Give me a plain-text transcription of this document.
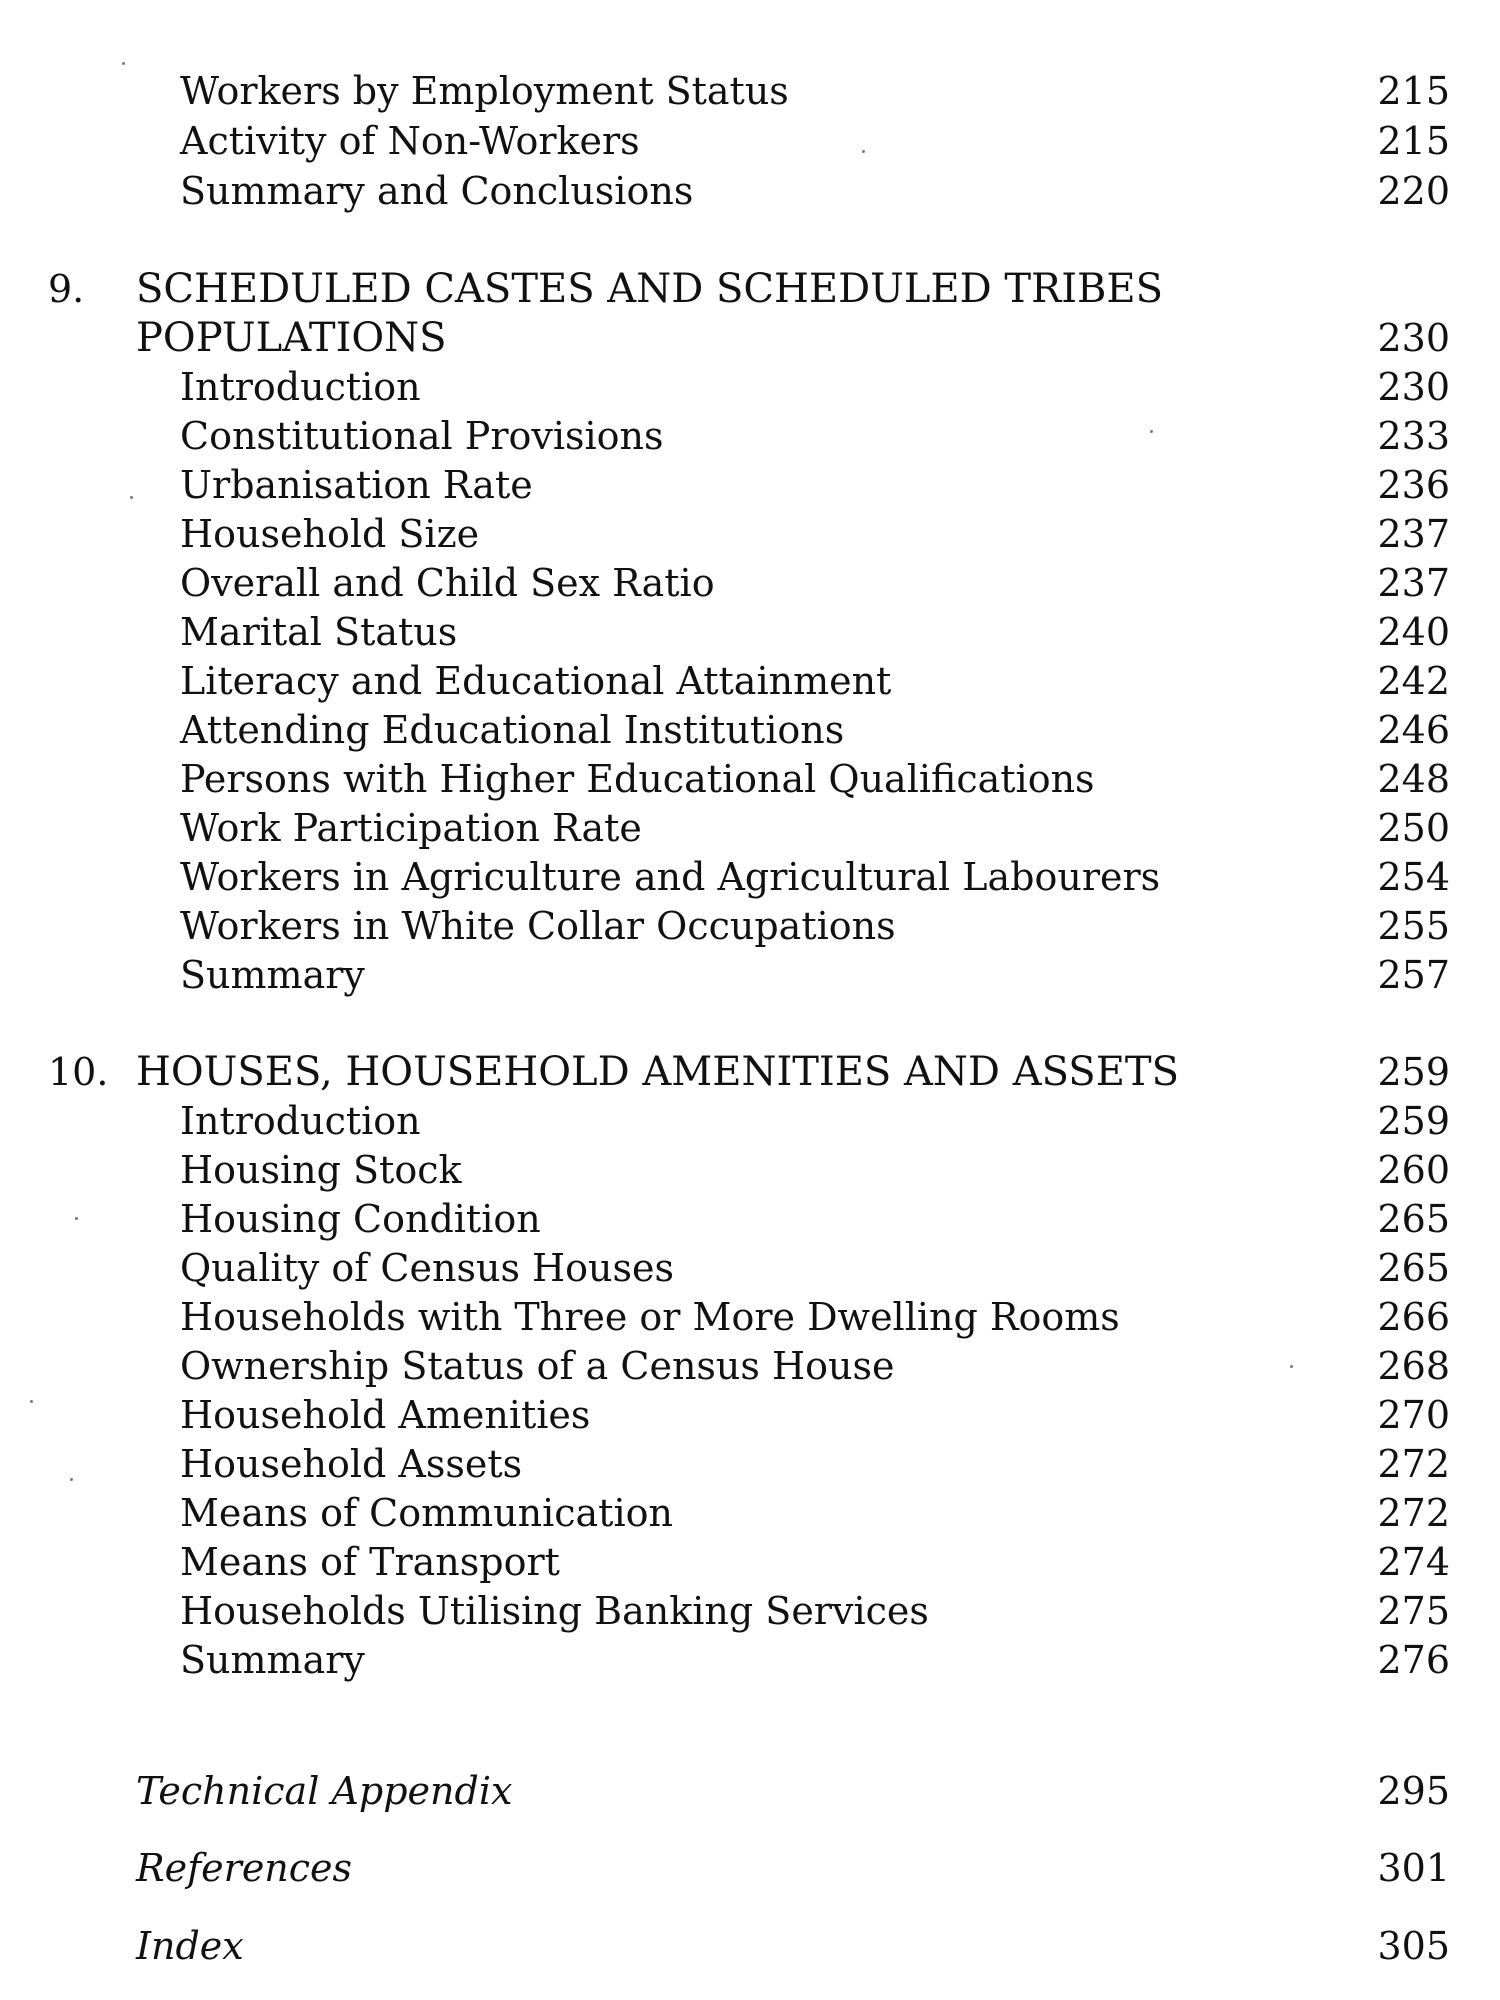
Workers by Employment Status	215
Activity of Non-Workers	215
Summary and Conclusions	220
9. SCHEDULED CASTES AND SCHEDULED TRIBES
POPULATIONS	230
Introduction	230
Constitutional Provisions	233
Urbanisation Rate	236
Household Size	237
Overall and Child Sex Ratio	237
Marital Status	240
Literacy and Educational Attainment	242
Attending Educational Institutions	246
Persons with Higher Educational Qualifications	248
Work Participation Rate	250
Workers in Agriculture and Agricultural Labourers	254
Workers in White Collar Occupations	255
Summary	257
10. HOUSES, HOUSEHOLD AMENITIES AND ASSETS	259
Introduction	259
Housing Stock	260
Housing Condition	265
Quality of Census Houses	265
Households with Three or More Dwelling Rooms	266
Ownership Status of a Census House	268
Household Amenities	270
Household Assets	272
Means of Communication	272
Means of Transport	274
Households Utilising Banking Services	275
Summary	276
Technical Appendix	295
References	301
Index	305
